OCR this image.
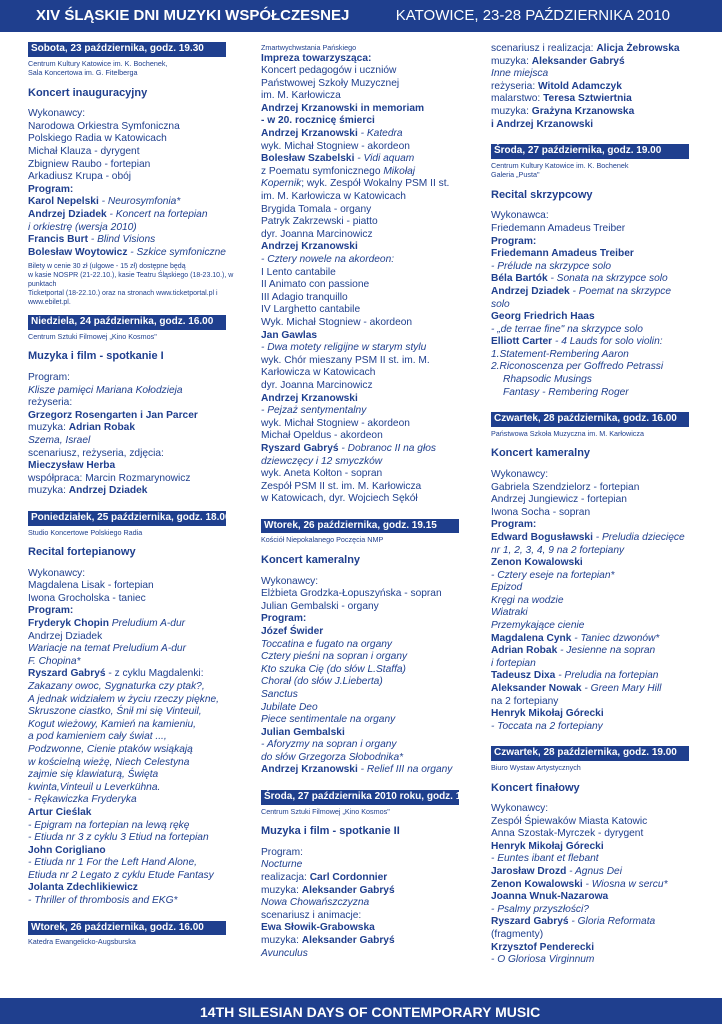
XIV ŚLĄSKIE DNI MUZYKI WSPÓŁCZESNEJ	KATOWICE, 23-28 PAŹDZIERNIKA 2010
Sobota, 23 października, godz. 19.30
Centrum Kultury Katowice im. K. Bochenek,
Sala Koncertowa im. G. Fitelberga
Koncert inauguracyjny
Wykonawcy:
Narodowa Orkiestra Symfoniczna
Polskiego Radia w Katowicach
Michał Klauza - dyrygent
Zbigniew Raubo - fortepian
Arkadiusz Krupa - obój
Program:
Karol Nepelski - Neurosymfonia*
Andrzej Dziadek - Koncert na fortepian
i orkiestrę (wersja 2010)
Francis Burt - Blind Visions
Bolesław Woytowicz - Szkice symfoniczne
Bilety w cenie 30 zł (ulgowe - 15 zł) dostępne będą
w kasie NOSPR (21-22.10.), kasie Teatru Śląskiego (18-23.10.), w punktach
Ticketportal (18-22.10.) oraz na stronach www.ticketportal.pl i www.ebilet.pl.
Niedziela, 24 października, godz. 16.00
Centrum Sztuki Filmowej „Kino Kosmos"
Muzyka i film - spotkanie I
Program:
Klisze pamięci Mariana Kołodzieja
reżyseria:
Grzegorz Rosengarten i Jan Parcer
muzyka: Adrian Robak
Szema, Israel
scenariusz, reżyseria, zdjęcia:
Mieczysław Herba
współpraca: Marcin Rozmarynowicz
muzyka: Andrzej Dziadek
Poniedziałek, 25 października, godz. 18.00
Studio Koncertowe Polskiego Radia
Recital fortepianowy
Wykonawcy:
Magdalena Lisak - fortepian
Iwona Grocholska - taniec
Program:
Fryderyk Chopin Preludium A-dur
Andrzej Dziadek
Wariacje na temat Preludium A-dur
F. Chopina*
Ryszard Gabryś - z cyklu Magdalenki:
Zakazany owoc, Sygnaturka czy ptak?,
A jednak widziałem w życiu rzeczy piękne,
Skruszone ciastko, Śnił mi się Vinteuil,
Kogut wieżowy, Kamień na kamieniu,
a pod kamieniem cały świat ...,
Podzwonne, Cienie ptaków wsiąkają
w kościelną wieżę, Niech Celestyna
zajmie się klawiaturą, Święta
kwinta,Vinteuil u Leverkühna.
- Rękawiczka Fryderyka
Artur Cieślak
- Epigram na fortepian na lewą rękę
- Etiuda nr 3 z cyklu 3 Etiud na fortepian
John Corigliano
- Etiuda nr 1 For the Left Hand Alone,
Etiuda nr 2 Legato z cyklu Etude Fantasy
Jolanta Zdechlikiewicz
- Thriller of thrombosis and EKG*
Wtorek, 26 października, godz. 16.00
Katedra Ewangelicko-Augsburska
Zmartwychwstania Pańskiego
Impreza towarzysząca:
Koncert pedagogów i uczniów
Państwowej Szkoły Muzycznej
im. M. Karłowicza
Andrzej Krzanowski in memoriam
- w 20. rocznicę śmierci
Andrzej Krzanowski - Katedra
wyk. Michał Stogniew - akordeon
Bolesław Szabelski - Vidi aquam
z Poematu symfonicznego Mikołaj
Kopernik; wyk. Zespół Wokalny PSM II st.
im. M. Karłowicza w Katowicach
Brygida Tomala - organy
Patryk Zakrzewski - piatto
dyr. Joanna Marcinowicz
Andrzej Krzanowski
- Cztery nowele na akordeon:
I Lento cantabile
II Animato con passione
III Adagio tranquillo
IV Larghetto cantabile
Wyk. Michał Stogniew - akordeon
Jan Gawlas
- Dwa motety religijne w starym stylu
wyk. Chór mieszany PSM II st. im. M.
Karłowicza w Katowicach
dyr. Joanna Marcinowicz
Andrzej Krzanowski
- Pejzaż sentymentalny
wyk. Michał Stogniew - akordeon
Michał Opeldus - akordeon
Ryszard Gabryś - Dobranoc II na głos
dziewczęcy i 12 smyczków
wyk. Aneta Kołton - sopran
Zespół PSM II st. im. M. Karłowicza
w Katowicach, dyr. Wojciech Sękół
Wtorek, 26 października, godz. 19.15
Kościół Niepokalanego Poczęcia NMP
Koncert kameralny
Wykonawcy:
Elżbieta Grodzka-Łopuszyńska - sopran
Julian Gembalski - organy
Program:
Józef Świder
Toccatina e fugato na organy
Cztery pieśni na sopran i organy
Kto szuka Cię (do słów L.Staffa)
Chorał (do słów J.Lieberta)
Sanctus
Jubilate Deo
Piece sentimentale na organy
Julian Gembalski
- Aforyzmy na sopran i organy
do słów Grzegorza Słobodnika*
Andrzej Krzanowski - Relief III na organy
Środa, 27 października 2010 roku, godz. 16.00
Centrum Sztuki Filmowej „Kino Kosmos"
Muzyka i film - spotkanie II
Program:
Nocturne
realizacja: Carl Cordonnier
muzyka: Aleksander Gabryś
Nowa Chowańszczyzna
scenariusz i animacje:
Ewa Słowik-Grabowska
muzyka: Aleksander Gabryś
Avunculus
scenariusz i realizacja: Alicja Żebrowska
muzyka: Aleksander Gabryś
Inne miejsca
reżyseria: Witold Adamczyk
malarstwo: Teresa Sztwiertnia
muzyka: Grażyna Krzanowska
i Andrzej Krzanowski
Środa, 27 października, godz. 19.00
Centrum Kultury Katowice im. K. Bochenek
Galeria „Pusta"
Recital skrzypcowy
Wykonawca:
Friedemann Amadeus Treiber
Program:
Friedemann Amadeus Treiber
- Prélude na skrzypce solo
Béla Bartók - Sonata na skrzypce solo
Andrzej Dziadek - Poemat na skrzypce
solo
Georg Friedrich Haas
- „de terrae fine" na skrzypce solo
Elliott Carter - 4 Lauds for solo violin:
1.Statement-Rembering Aaron
2.Riconoscenza per Goffredo Petrassi
Rhapsodic Musings
Fantasy - Rembering Roger
Czwartek, 28 października, godz. 16.00
Państwowa Szkoła Muzyczna im. M. Karłowicza
Koncert kameralny
Wykonawcy:
Gabriela Szendzielorz - fortepian
Andrzej Jungiewicz - fortepian
Iwona Socha - sopran
Program:
Edward Bogusławski - Preludia dziecięce
nr 1, 2, 3, 4, 9 na 2 fortepiany
Zenon Kowalowski
- Cztery eseje na fortepian*
Epizod
Kręgi na wodzie
Wiatraki
Przemykające cienie
Magdalena Cynk - Taniec dzwonów*
Adrian Robak - Jesienne na sopran
i fortepian
Tadeusz Dixa - Preludia na fortepian
Aleksander Nowak - Green Mary Hill
na 2 fortepiany
Henryk Mikołaj Górecki
- Toccata na 2 fortepiany
Czwartek, 28 października, godz. 19.00
Biuro Wystaw Artystycznych
Koncert finałowy
Wykonawcy:
Zespół Śpiewaków Miasta Katowic
Anna Szostak-Myrczek - dyrygent
Henryk Mikołaj Górecki
- Euntes ibant et flebant
Jarosław Drozd - Agnus Dei
Zenon Kowalowski - Wiosna w sercu*
Joanna Wnuk-Nazarowa
- Psalmy przyszłości?
Ryszard Gabryś - Gloria Reformata
(fragmenty)
Krzysztof Penderecki
- O Gloriosa Virginnum
14TH SILESIAN DAYS OF CONTEMPORARY MUSIC
